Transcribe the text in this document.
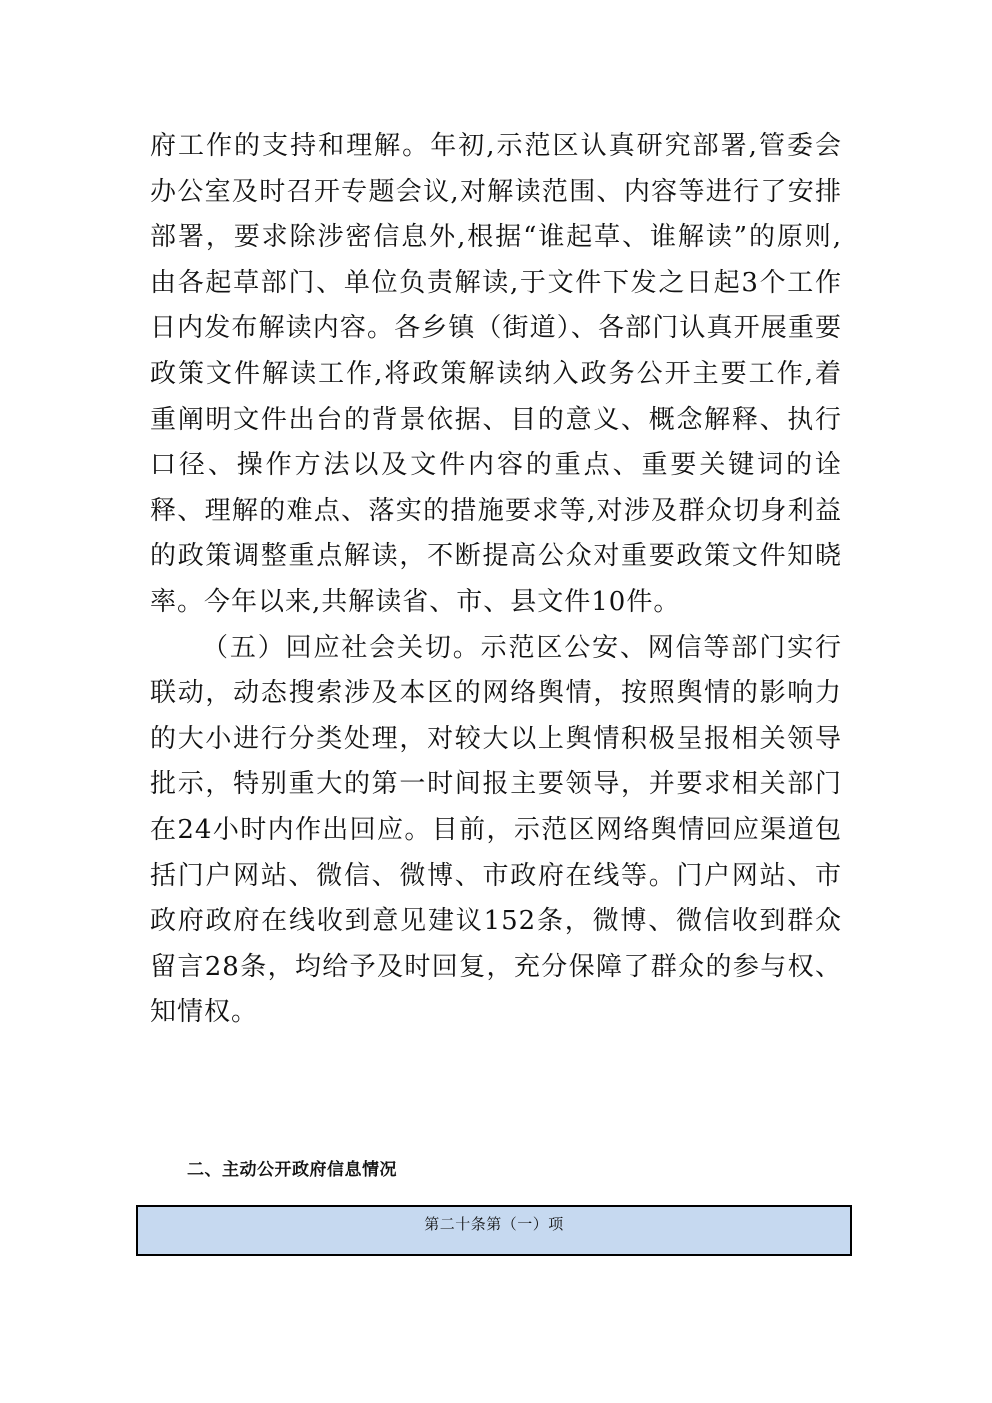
府工作的支持和理解。年初,示范区认真研究部署,管委会办公室及时召开专题会议,对解读范围、内容等进行了安排部署，要求除涉密信息外,根据“谁起草、谁解读”的原则,由各起草部门、单位负责解读,于文件下发之日起3个工作日内发布解读内容。各乡镇（街道）、各部门认真开展重要政策文件解读工作,将政策解读纳入政务公开主要工作,着重阐明文件出台的背景依据、目的意义、概念解释、执行口径、操作方法以及文件内容的重点、重要关键词的诠释、理解的难点、落实的措施要求等,对涉及群众切身利益的政策调整重点解读，不断提高公众对重要政策文件知晓率。今年以来,共解读省、市、县文件10件。

（五）回应社会关切。示范区公安、网信等部门实行联动，动态搜索涉及本区的网络舆情，按照舆情的影响力的大小进行分类处理，对较大以上舆情积极呈报相关领导批示，特别重大的第一时间报主要领导，并要求相关部门在24小时内作出回应。目前，示范区网络舆情回应渠道包括门户网站、微信、微博、市政府在线等。门户网站、市政府政府在线收到意见建议152条，微博、微信收到群众留言28条，均给予及时回复，充分保障了群众的参与权、知情权。

二、主动公开政府信息情况
第二十条第（一）项
